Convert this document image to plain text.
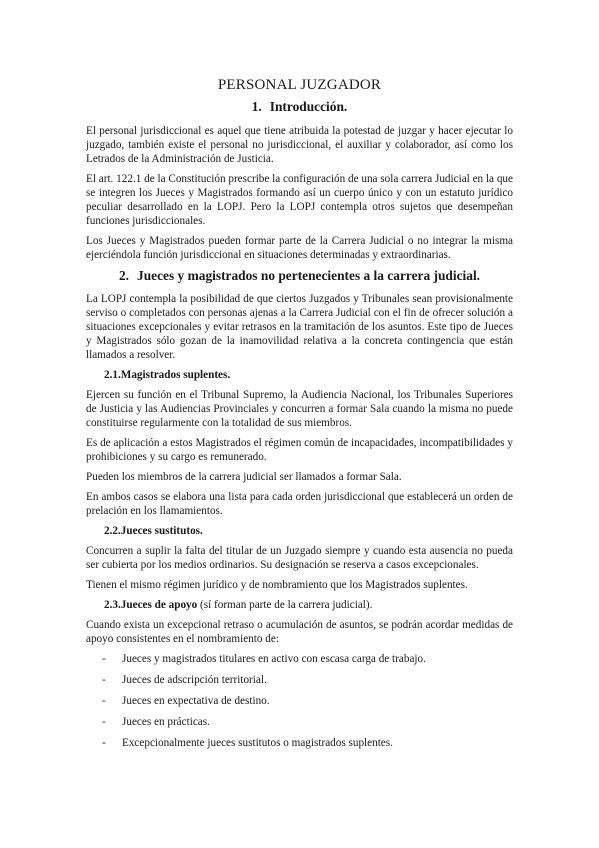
PERSONAL JUZGADOR
1. Introducción.

El personal jurisdiccional es aquel que tiene atribuida la potestad de juzgar y hacer ejecutar lo juzgado, también existe el personal no jurisdiccional, el auxiliar y colaborador, así como los Letrados de la Administración de Justicia.

El art. 122.1 de la Constitución prescribe la configuración de una sola carrera Judicial en la que se integren los Jueces y Magistrados formando así un cuerpo único y con un estatuto jurídico peculiar desarrollado en la LOPJ. Pero la LOPJ contempla otros sujetos que desempeñan funciones jurisdiccionales.

Los Jueces y Magistrados pueden formar parte de la Carrera Judicial o no integrar la misma ejerciéndola función jurisdiccional en situaciones determinadas y extraordinarias.

2. Jueces y magistrados no pertenecientes a la carrera judicial.

La LOPJ contempla la posibilidad de que ciertos Juzgados y Tribunales sean provisionalmente serviso o completados con personas ajenas a la Carrera Judicial con el fin de ofrecer solución a situaciones excepcionales y evitar retrasos en la tramitación de los asuntos. Este tipo de Jueces y Magistrados sólo gozan de la inamovilidad relativa a la concreta contingencia que están llamados a resolver.

2.1.Magistrados suplentes.

Ejercen su función en el Tribunal Supremo, la Audiencia Nacional, los Tribunales Superiores de Justicia y las Audiencias Provinciales y concurren a formar Sala cuando la misma no puede constituirse regularmente con la totalidad de sus miembros.

Es de aplicación a estos Magistrados el régimen común de incapacidades, incompatibilidades y prohibiciones y su cargo es remunerado.

Pueden los miembros de la carrera judicial ser llamados a formar Sala.

En ambos casos se elabora una lista para cada orden jurisdiccional que establecerá un orden de prelación en los llamamientos.

2.2.Jueces sustitutos.

Concurren a suplir la falta del titular de un Juzgado siempre y cuando esta ausencia no pueda ser cubierta por los medios ordinarios. Su designación se reserva a casos excepcionales.

Tienen el mismo régimen jurídico y de nombramiento que los Magistrados suplentes.

2.3.Jueces de apoyo (sí forman parte de la carrera judicial).

Cuando exista un excepcional retraso o acumulación de asuntos, se podrán acordar medidas de apoyo consistentes en el nombramiento de:

-	Jueces y magistrados titulares en activo con escasa carga de trabajo.
-	Jueces de adscripción territorial.
-	Jueces en expectativa de destino.
-	Jueces en prácticas.
-	Excepcionalmente jueces sustitutos o magistrados suplentes.
